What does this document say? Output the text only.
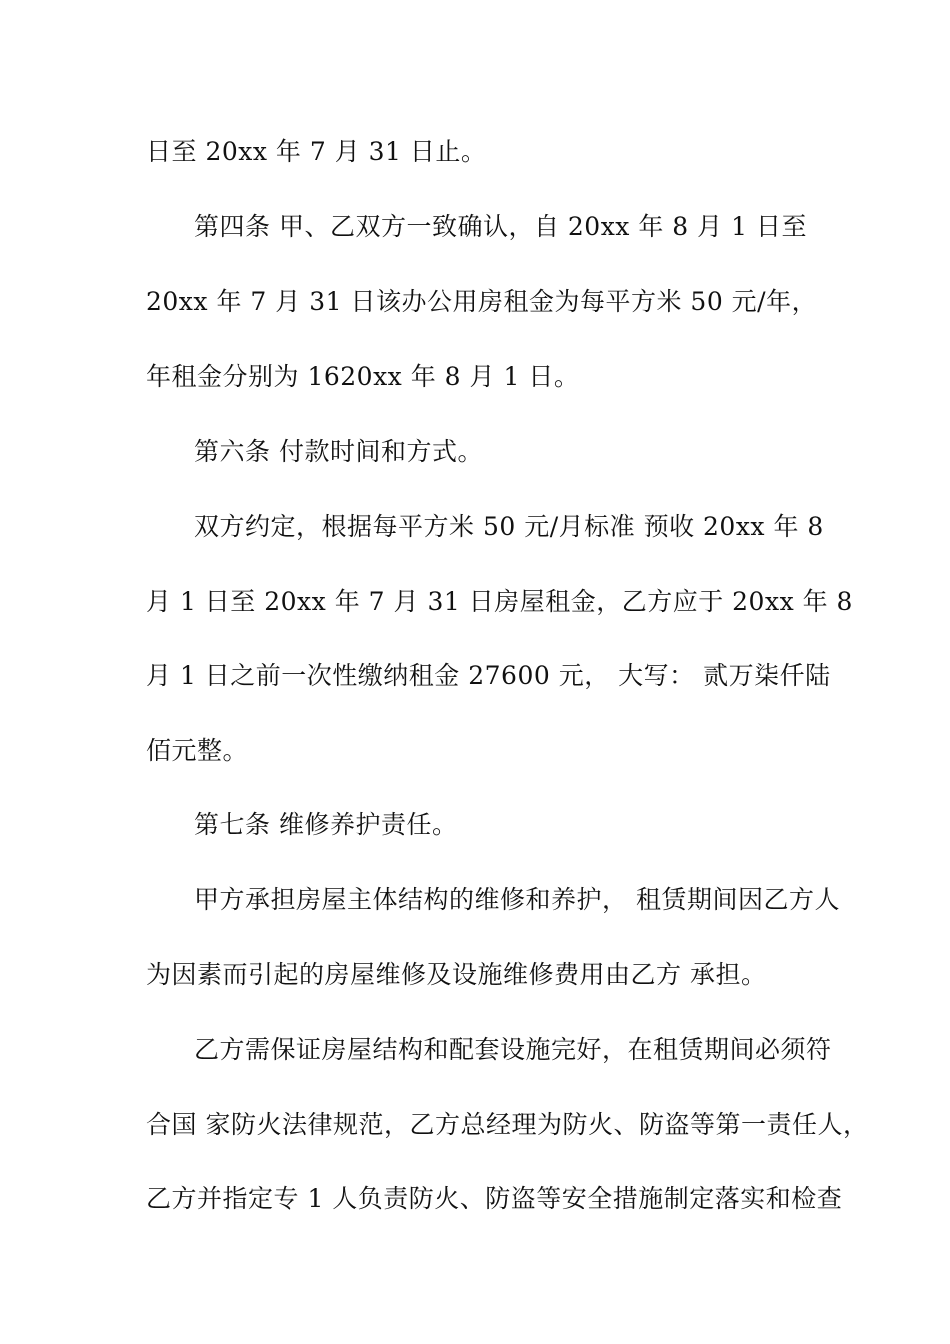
日至 20xx 年 7 月 31 日止。
第四条 甲、乙双方一致确认，自 20xx 年 8 月 1 日至
20xx 年 7 月 31 日该办公用房租金为每平方米 50 元/年，
年租金分别为 1620xx 年 8 月 1 日。
第六条 付款时间和方式。
双方约定，根据每平方米 50 元/月标准 预收 20xx 年 8
月 1 日至 20xx 年 7 月 31 日房屋租金，乙方应于 20xx 年 8
月 1 日之前一次性缴纳租金 27600 元， 大写： 贰万柒仟陆
佰元整。
第七条 维修养护责任。
甲方承担房屋主体结构的维修和养护， 租赁期间因乙方人
为因素而引起的房屋维修及设施维修费用由乙方 承担。
乙方需保证房屋结构和配套设施完好，在租赁期间必须符
合国 家防火法律规范，乙方总经理为防火、防盗等第一责任人，
乙方并指定专 1 人负责防火、防盗等安全措施制定落实和检查
